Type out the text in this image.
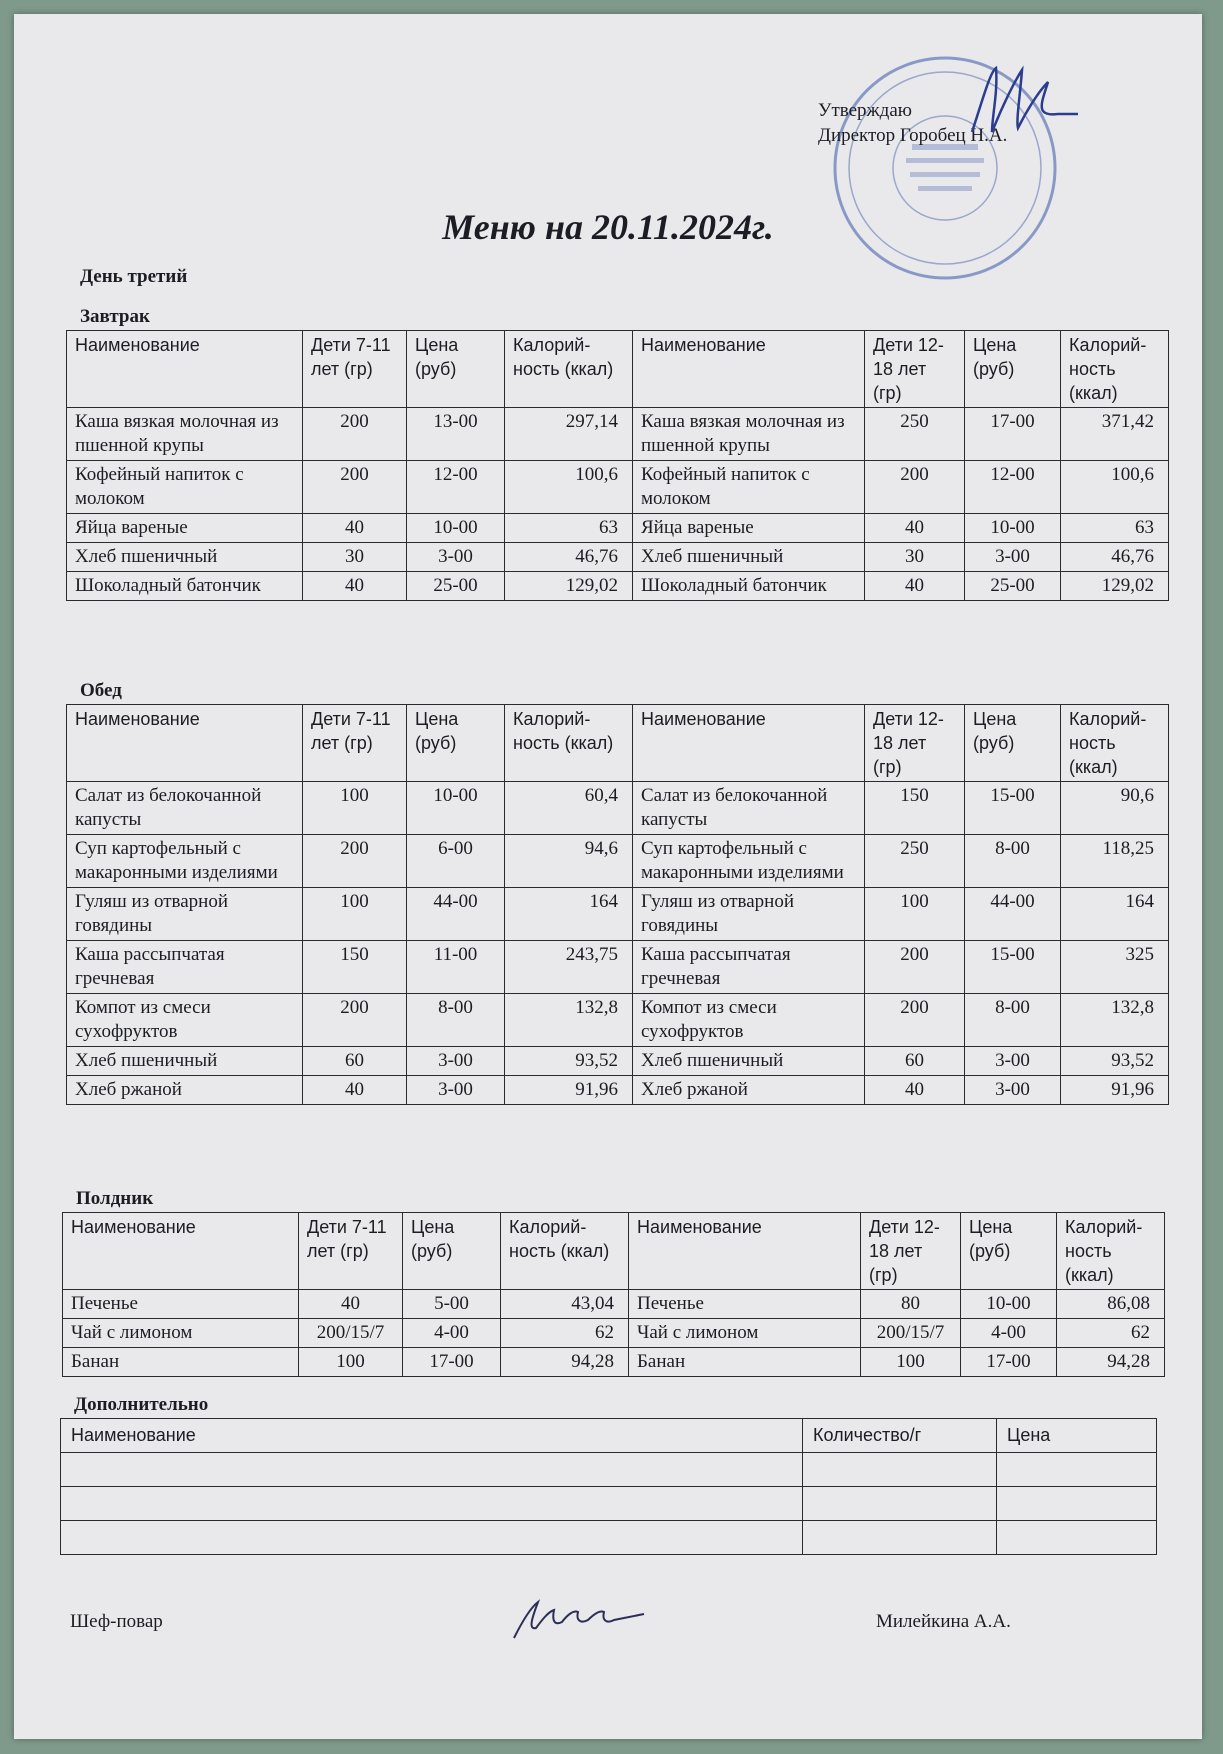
Утверждаю
Директор Горобец Н.А.
Меню на 20.11.2024г.
День третий
Завтрак
Наименование	Дети 7-11 лет (гр)	Цена (руб)	Калорий-ность (ккал)	Наименование	Дети 12-18 лет (гр)	Цена (руб)	Калорий-ность (ккал)
Каша вязкая молочная из пшенной крупы	200	13-00	297,14	Каша вязкая молочная из пшенной крупы	250	17-00	371,42
Кофейный напиток с молоком	200	12-00	100,6	Кофейный напиток с молоком	200	12-00	100,6
Яйца вареные	40	10-00	63	Яйца вареные	40	10-00	63
Хлеб пшеничный	30	3-00	46,76	Хлеб пшеничный	30	3-00	46,76
Шоколадный батончик	40	25-00	129,02	Шоколадный батончик	40	25-00	129,02
Обед
Наименование	Дети 7-11 лет (гр)	Цена (руб)	Калорий-ность (ккал)	Наименование	Дети 12-18 лет (гр)	Цена (руб)	Калорий-ность (ккал)
Салат из белокочанной капусты	100	10-00	60,4	Салат из белокочанной капусты	150	15-00	90,6
Суп картофельный с макаронными изделиями	200	6-00	94,6	Суп картофельный с макаронными изделиями	250	8-00	118,25
Гуляш из отварной говядины	100	44-00	164	Гуляш из отварной говядины	100	44-00	164
Каша рассыпчатая гречневая	150	11-00	243,75	Каша рассыпчатая гречневая	200	15-00	325
Компот из смеси сухофруктов	200	8-00	132,8	Компот из смеси сухофруктов	200	8-00	132,8
Хлеб пшеничный	60	3-00	93,52	Хлеб пшеничный	60	3-00	93,52
Хлеб ржаной	40	3-00	91,96	Хлеб ржаной	40	3-00	91,96
Полдник
Наименование	Дети 7-11 лет (гр)	Цена (руб)	Калорий-ность (ккал)	Наименование	Дети 12-18 лет (гр)	Цена (руб)	Калорий-ность (ккал)
Печенье	40	5-00	43,04	Печенье	80	10-00	86,08
Чай с лимоном	200/15/7	4-00	62	Чай с лимоном	200/15/7	4-00	62
Банан	100	17-00	94,28	Банан	100	17-00	94,28
Дополнительно
Наименование	Количество/г	Цена

Шеф-повар	Милейкина А.А.
